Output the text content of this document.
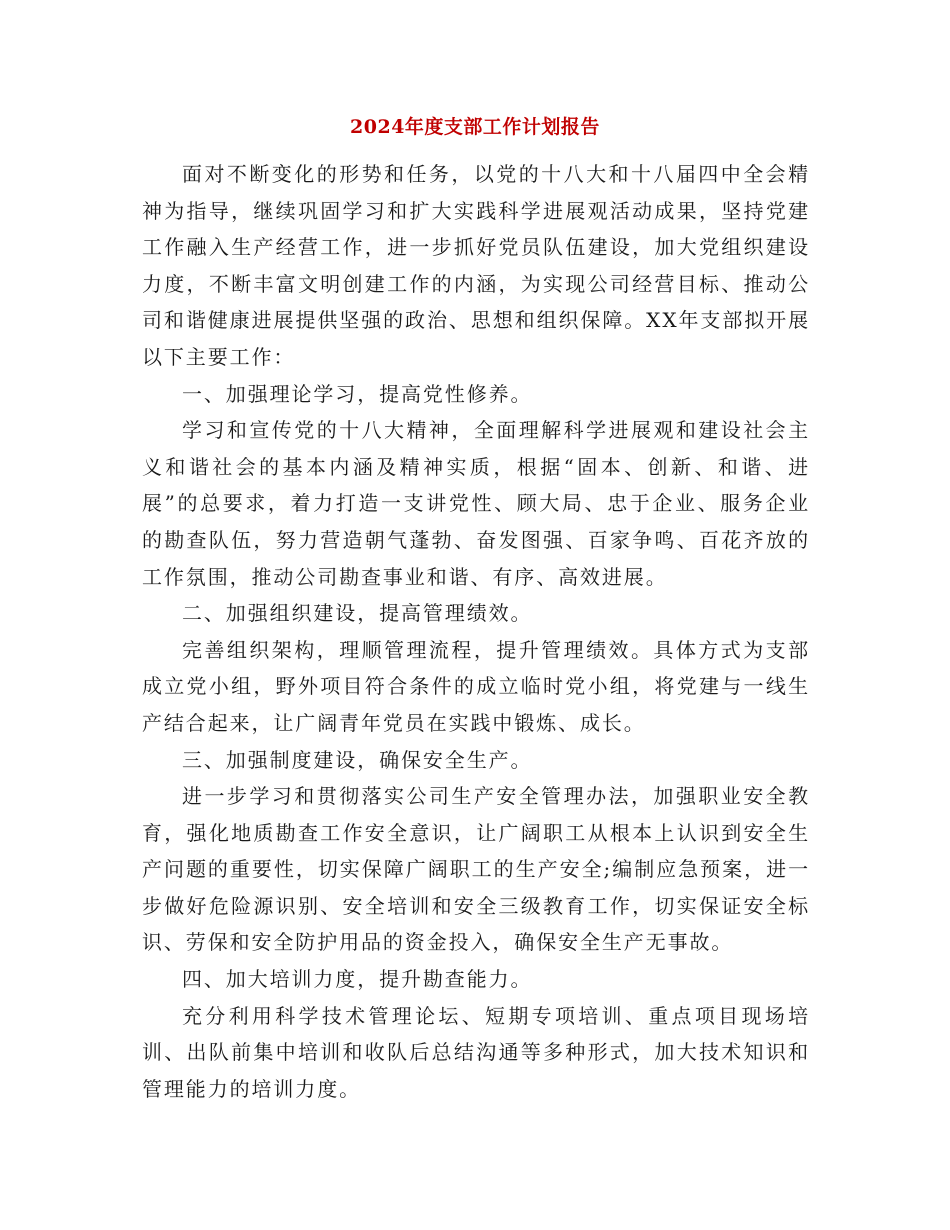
2024年度支部工作计划报告

面对不断变化的形势和任务，以党的十八大和十八届四中全会精神为指导，继续巩固学习和扩大实践科学进展观活动成果，坚持党建工作融入生产经营工作，进一步抓好党员队伍建设，加大党组织建设力度，不断丰富文明创建工作的内涵，为实现公司经营目标、推动公司和谐健康进展提供坚强的政治、思想和组织保障。XX年支部拟开展以下主要工作：

一、加强理论学习，提高党性修养。

学习和宣传党的十八大精神，全面理解科学进展观和建设社会主义和谐社会的基本内涵及精神实质，根据“固本、创新、和谐、进展”的总要求，着力打造一支讲党性、顾大局、忠于企业、服务企业的勘查队伍，努力营造朝气蓬勃、奋发图强、百家争鸣、百花齐放的工作氛围，推动公司勘查事业和谐、有序、高效进展。

二、加强组织建设，提高管理绩效。

完善组织架构，理顺管理流程，提升管理绩效。具体方式为支部成立党小组，野外项目符合条件的成立临时党小组，将党建与一线生产结合起来，让广阔青年党员在实践中锻炼、成长。

三、加强制度建设，确保安全生产。

进一步学习和贯彻落实公司生产安全管理办法，加强职业安全教育，强化地质勘查工作安全意识，让广阔职工从根本上认识到安全生产问题的重要性，切实保障广阔职工的生产安全;编制应急预案，进一步做好危险源识别、安全培训和安全三级教育工作，切实保证安全标识、劳保和安全防护用品的资金投入，确保安全生产无事故。

四、加大培训力度，提升勘查能力。

充分利用科学技术管理论坛、短期专项培训、重点项目现场培训、出队前集中培训和收队后总结沟通等多种形式，加大技术知识和管理能力的培训力度。
